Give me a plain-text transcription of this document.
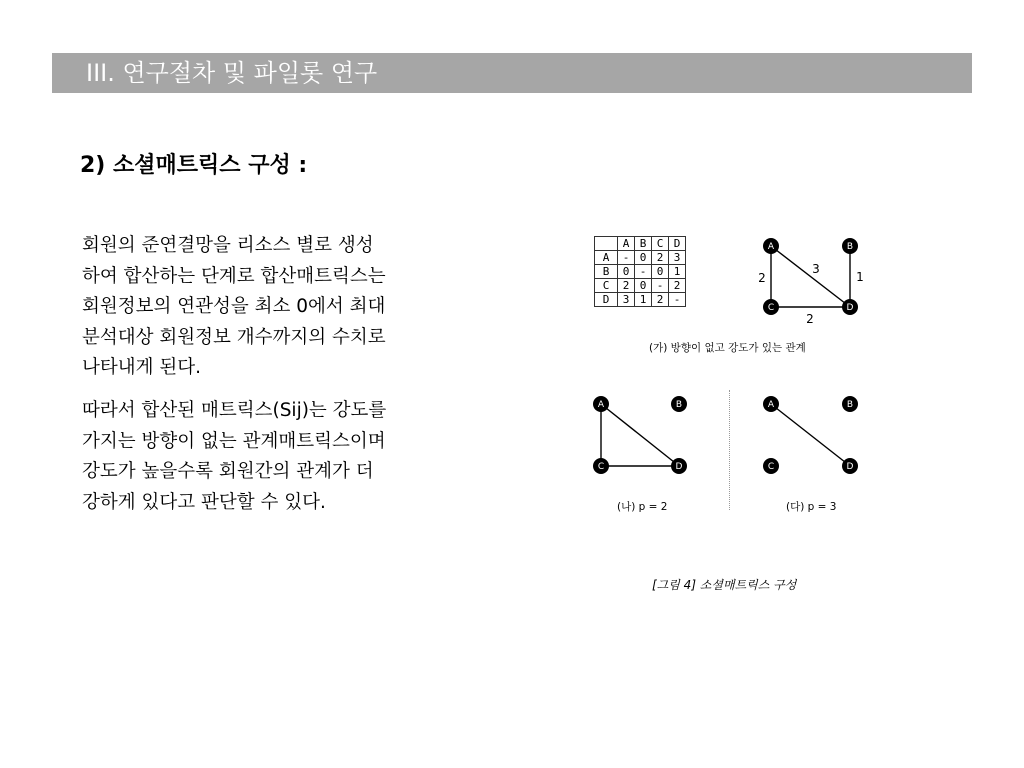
III. 연구절차 및 파일롯 연구
2) 소셜매트릭스 구성 :

회원의 준연결망을 리소스 별로 생성

하여 합산하는 단계로 합산매트릭스는

회원정보의 연관성을 최소 0에서 최대

분석대상 회원정보 개수까지의 수치로

나타내게 된다.

따라서 합산된 매트릭스(Sij)는 강도를

가지는 방향이 없는 관계매트릭스이며

강도가 높을수록 회원간의 관계가 더

강하게 있다고 판단할 수 있다.

	A	B	C	D
A	-	0	2	3
B	0	-	0	1
C	2	0	-	2
D	3	1	2	-
2
3
1
2
A	B
C	D
(가) 방향이 없고 강도가 있는 관계
A	B
C	D
(나) p = 2
A	B
C	D
(다) p = 3
[그림 4] 소셜매트릭스 구성
